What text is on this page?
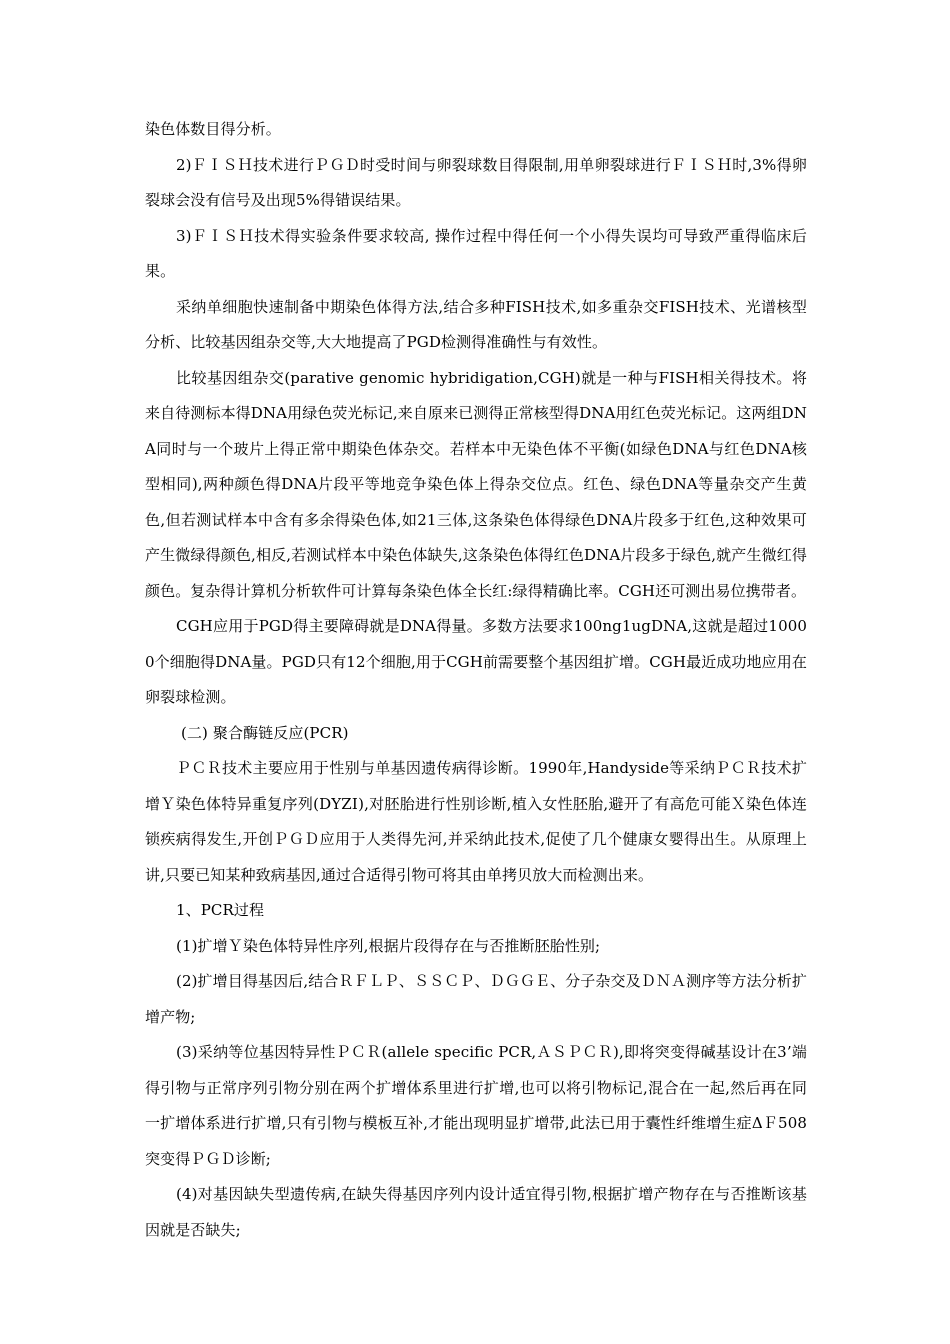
染色体数目得分析。

2)ＦＩＳＨ技术进行ＰＧＤ时受时间与卵裂球数目得限制,用单卵裂球进行ＦＩＳＨ时,3%得卵裂球会没有信号及出现5%得错误结果。

3)ＦＩＳＨ技术得实验条件要求较高, 操作过程中得任何一个小得失误均可导致严重得临床后果。

采纳单细胞快速制备中期染色体得方法,结合多种FISH技术,如多重杂交FISH技术、光谱核型分析、比较基因组杂交等,大大地提高了PGD检测得准确性与有效性。

比较基因组杂交(parative genomic hybridigation,CGH)就是一种与FISH相关得技术。将来自待测标本得DNA用绿色荧光标记,来自原来已测得正常核型得DNA用红色荧光标记。这两组DNA同时与一个玻片上得正常中期染色体杂交。若样本中无染色体不平衡(如绿色DNA与红色DNA核型相同),两种颜色得DNA片段平等地竞争染色体上得杂交位点。红色、绿色DNA等量杂交产生黄色,但若测试样本中含有多余得染色体,如21三体,这条染色体得绿色DNA片段多于红色,这种效果可产生微绿得颜色,相反,若测试样本中染色体缺失,这条染色体得红色DNA片段多于绿色,就产生微红得颜色。复杂得计算机分析软件可计算每条染色体全长红:绿得精确比率。CGH还可测出易位携带者。

CGH应用于PGD得主要障碍就是DNA得量。多数方法要求100ng1ugDNA,这就是超过10000个细胞得DNA量。PGD只有12个细胞,用于CGH前需要整个基因组扩增。CGH最近成功地应用在卵裂球检测。

(二) 聚合酶链反应(PCR)

ＰＣＲ技术主要应用于性别与单基因遗传病得诊断。1990年,Handyside等采纳ＰＣＲ技术扩增Ｙ染色体特异重复序列(DYZⅠ),对胚胎进行性别诊断,植入女性胚胎,避开了有高危可能Ｘ染色体连锁疾病得发生,开创ＰＧＤ应用于人类得先河,并采纳此技术,促使了几个健康女婴得出生。从原理上讲,只要已知某种致病基因,通过合适得引物可将其由单拷贝放大而检测出来。

1、PCR过程

(1)扩增Ｙ染色体特异性序列,根据片段得存在与否推断胚胎性别;

(2)扩增目得基因后,结合ＲＦＬＰ、ＳＳＣＰ、ＤＧＧＥ、分子杂交及ＤＮＡ测序等方法分析扩增产物;

(3)采纳等位基因特异性ＰＣＲ(allele specific PCR,ＡＳＰＣＲ),即将突变得碱基设计在3’端得引物与正常序列引物分别在两个扩增体系里进行扩增,也可以将引物标记,混合在一起,然后再在同一扩增体系进行扩增,只有引物与模板互补,才能出现明显扩增带,此法已用于囊性纤维增生症ΔＦ508突变得ＰＧＤ诊断;

(4)对基因缺失型遗传病,在缺失得基因序列内设计适宜得引物,根据扩增产物存在与否推断该基因就是否缺失;
